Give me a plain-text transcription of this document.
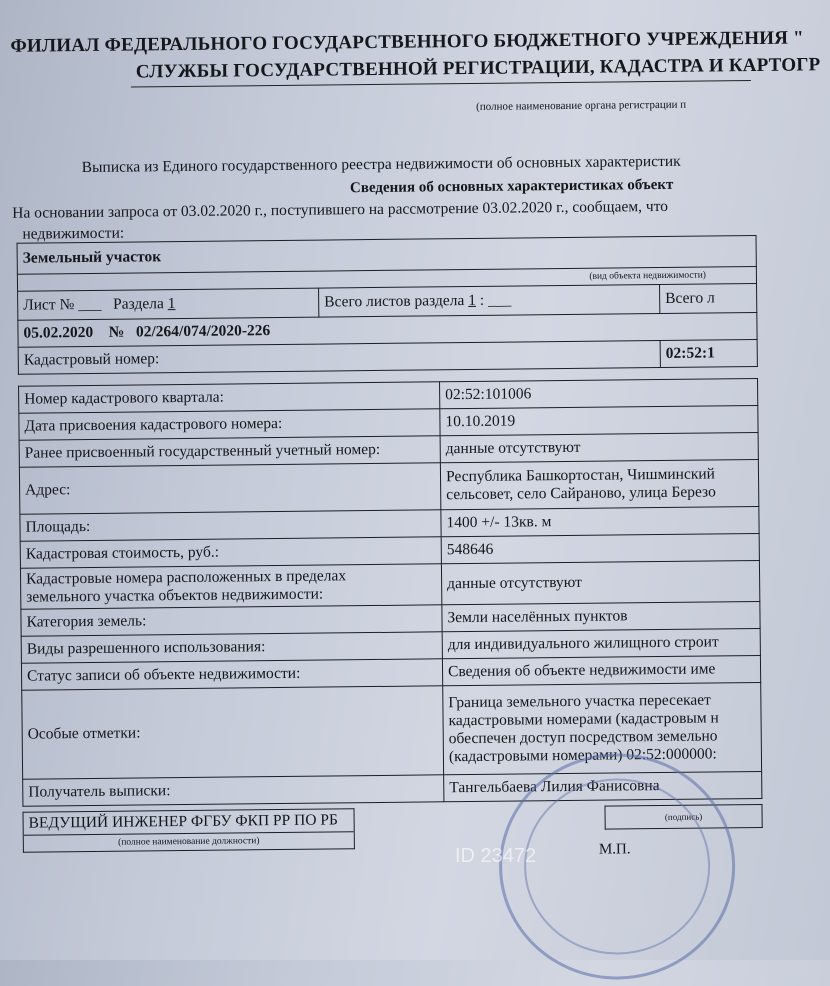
ФИЛИАЛ ФЕДЕРАЛЬНОГО ГОСУДАРСТВЕННОГО БЮДЖЕТНОГО УЧРЕЖДЕНИЯ "
СЛУЖБЫ ГОСУДАРСТВЕННОЙ РЕГИСТРАЦИИ, КАДАСТРА И КАРТОГР
(полное наименование органа регистрации п
Выписка из Единого государственного реестра недвижимости об основных характеристик
Сведения об основных характеристиках объект
На основании запроса от 03.02.2020 г., поступившего на рассмотрение 03.02.2020 г., сообщаем, что
недвижимости:
Земельный участок		
(вид объекта недвижимости)		
Лист № ___ Раздела 1	Всего листов раздела 1 : ___	Всего л
05.02.2020 № 02/264/074/2020-226		
Кадастровый номер:		02:52:1
Номер кадастрового квартала:	02:52:101006
Дата присвоения кадастрового номера:	10.10.2019
Ранее присвоенный государственный учетный номер:	данные отсутствуют
Адрес:	Республика Башкортостан, Чишминский
сельсовет, село Сайраново, улица Березо

Площадь:	1400 +/- 13кв. м
Кадастровая стоимость, руб.:	548646

Кадастровые номера расположенных в пределах
земельного участка объектов недвижимости:	данные отсутствуют
Категория земель:	Земли населённых пунктов
Виды разрешенного использования:	для индивидуального жилищного строит
Статус записи об объекте недвижимости:	Сведения об объекте недвижимости име
Особые отметки:	Граница земельного участка пересекает
кадастровыми номерами (кадастровым н
обеспечен доступ посредством земельно
(кадастровыми номерами) 02:52:000000:

Получатель выписки:	Тангельбаева Лилия Фанисовна
ВЕДУЩИЙ ИНЖЕНЕР ФГБУ ФКП РР ПО РБ		(подпись)
(полное наименование должности)			М.П.
ID 23472
